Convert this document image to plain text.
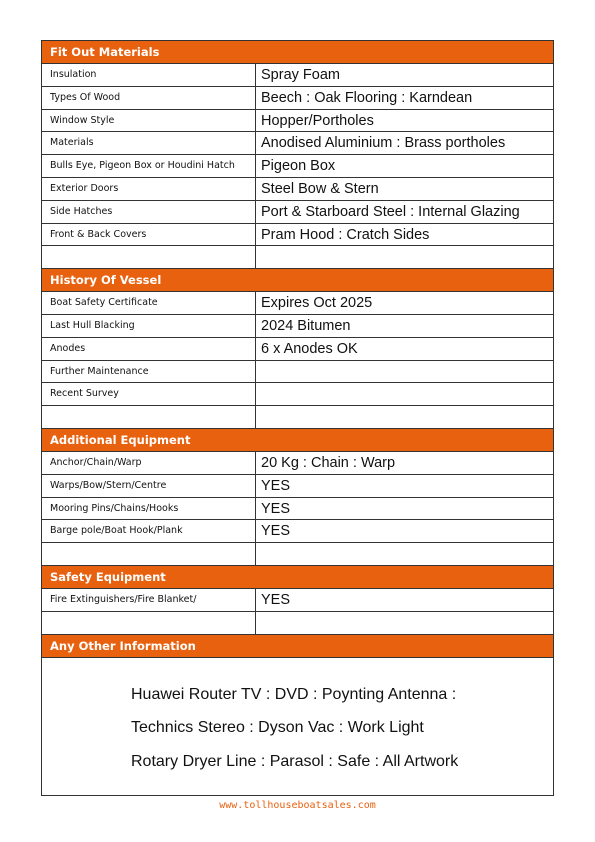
Fit Out Materials
Insulation	Spray Foam
Types Of Wood	Beech : Oak Flooring : Karndean
Window Style	Hopper/Portholes
Materials	Anodised Aluminium : Brass portholes
Bulls Eye, Pigeon Box or Houdini Hatch	Pigeon Box
Exterior Doors	Steel Bow & Stern
Side Hatches	Port & Starboard Steel : Internal Glazing
Front & Back Covers	Pram Hood : Cratch Sides
History Of Vessel
Boat Safety Certificate	Expires Oct 2025
Last Hull Blacking	2024 Bitumen
Anodes	6 x Anodes OK
Further Maintenance
Recent Survey
Additional Equipment
Anchor/Chain/Warp	20 Kg : Chain : Warp
Warps/Bow/Stern/Centre	YES
Mooring Pins/Chains/Hooks	YES
Barge pole/Boat Hook/Plank	YES
Safety Equipment
Fire Extinguishers/Fire Blanket/	YES
Any Other Information
Huawei Router TV : DVD : Poynting Antenna :
Technics Stereo : Dyson Vac : Work Light
Rotary Dryer Line : Parasol : Safe : All Artwork
www.tollhouseboatsales.com
